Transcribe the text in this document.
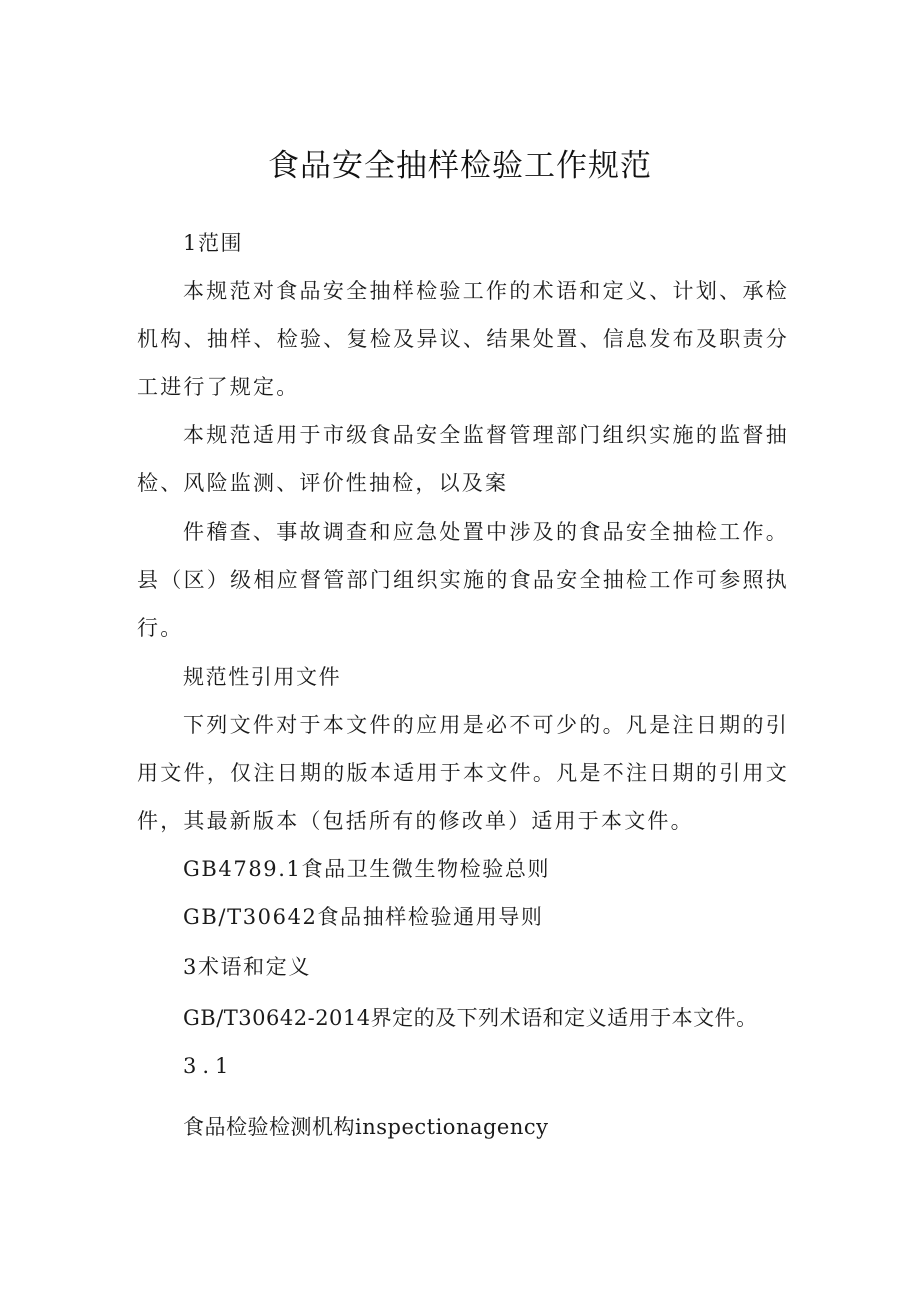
食品安全抽样检验工作规范

1范围

本规范对食品安全抽样检验工作的术语和定义、计划、承检机构、抽样、检验、复检及异议、结果处置、信息发布及职责分工进行了规定。

本规范适用于市级食品安全监督管理部门组织实施的监督抽检、风险监测、评价性抽检，以及案

件稽查、事故调查和应急处置中涉及的食品安全抽检工作。县（区）级相应督管部门组织实施的食品安全抽检工作可参照执行。

规范性引用文件

下列文件对于本文件的应用是必不可少的。凡是注日期的引用文件，仅注日期的版本适用于本文件。凡是不注日期的引用文件，其最新版本（包括所有的修改单）适用于本文件。

GB4789.1食品卫生微生物检验总则

GB/T30642食品抽样检验通用导则

3术语和定义

GB/T30642-2014界定的及下列术语和定义适用于本文件。

3.1

食品检验检测机构inspectionagency
